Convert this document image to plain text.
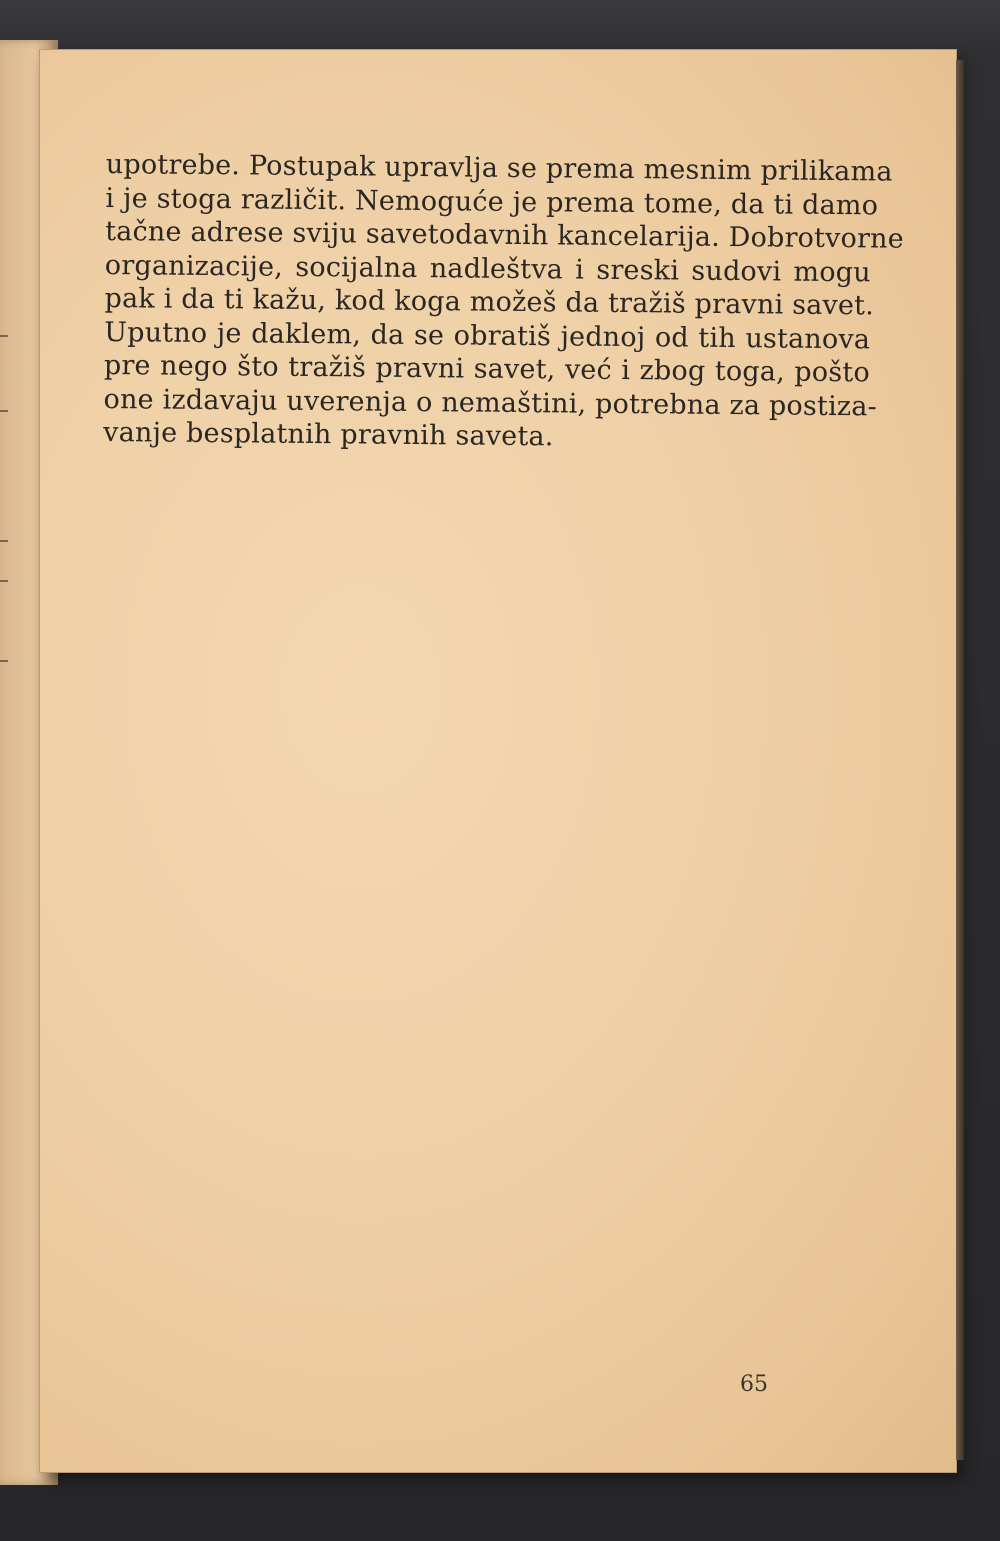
upotrebe. Postupak upravlja se prema mesnim prilikama
i je stoga različit. Nemoguće je prema tome, da ti damo
tačne adrese sviju savetodavnih kancelarija. Dobrotvorne
organizacije, socijalna nadleštva i sreski sudovi mogu
pak i da ti kažu, kod koga možeš da tražiš pravni savet.
Uputno je daklem, da se obratiš jednoj od tih ustanova
pre nego što tražiš pravni savet, već i zbog toga, pošto
one izdavaju uverenja o nemaštini, potrebna za postiza-
vanje besplatnih pravnih saveta.
65
